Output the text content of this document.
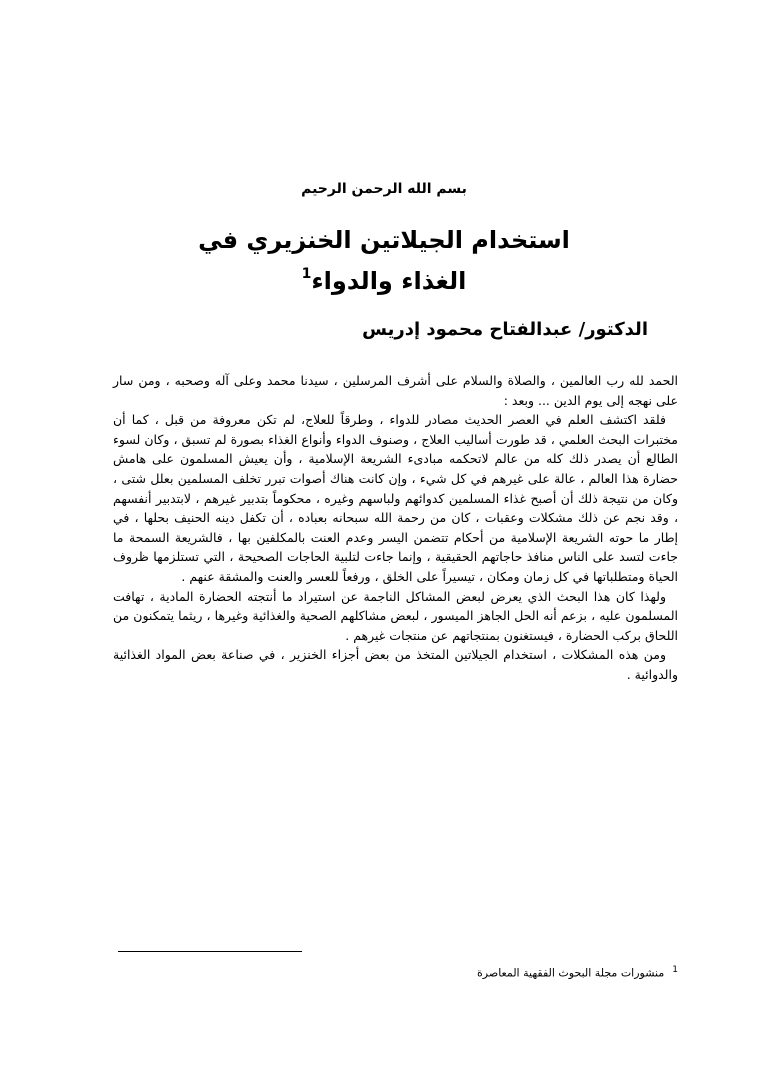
بسم الله الرحمن الرحيم
استخدام الجيلاتين الخنزيري في
الغذاء والدواء$^1$
الدكتور/ عبدالفتاح محمود إدريس

الحمد لله رب العالمين ، والصلاة والسلام على أشرف المرسلين ، سيدنا محمد وعلى آله وصحبه ، ومن سار على نهجه إلى يوم الدين ... وبعد :

فلقد اكتشف العلم في العصر الحديث مصادر للدواء ، وطرقاً للعلاج، لم تكن معروفة من قبل ، كما أن مختبرات البحث العلمي ، قد طورت أساليب العلاج ، وصنوف الدواء وأنواع الغذاء بصورة لم تسبق ، وكان لسوء الطالع أن يصدر ذلك كله من عالم لاتحكمه مبادىء الشريعة الإسلامية ، وأن يعيش المسلمون على هامش حضارة هذا العالم ، عالة على غيرهم في كل شيء ، وإن كانت هناك أصوات تبرر تخلف المسلمين بعلل شتى ، وكان من نتيجة ذلك أن أصبح غذاء المسلمين كدوائهم ولباسهم وغيره ، محكوماً بتدبير غيرهم ، لابتدبير أنفسهم ، وقد نجم عن ذلك مشكلات وعقبات ، كان من رحمة الله سبحانه بعباده ، أن تكفل دينه الحنيف بحلها ، في إطار ما حوته الشريعة الإسلامية من أحكام تتضمن اليسر وعدم العنت بالمكلفين بها ، فالشريعة السمحة ما جاءت لتسد على الناس منافذ حاجاتهم الحقيقية ، وإنما جاءت لتلبية الحاجات الصحيحة ، التي تستلزمها ظروف الحياة ومتطلباتها في كل زمان ومكان ، تيسيراً على الخلق ، ورفعاً للعسر والعنت والمشقة عنهم .

ولهذا كان هذا البحث الذي يعرض لبعض المشاكل الناجمة عن استيراد ما أنتجته الحضارة المادية ، تهافت المسلمون عليه ، بزعم أنه الحل الجاهز الميسور ، لبعض مشاكلهم الصحية والغذائية وغيرها ، ريثما يتمكنون من اللحاق بركب الحضارة ، فيستغنون بمنتجاتهم عن منتجات غيرهم .

ومن هذه المشكلات ، استخدام الجيلاتين المتخذ من بعض أجزاء الخنزير ، في صناعة بعض المواد الغذائية والدوائية .

$^1$منشورات مجلة البحوث الفقهية المعاصرة
